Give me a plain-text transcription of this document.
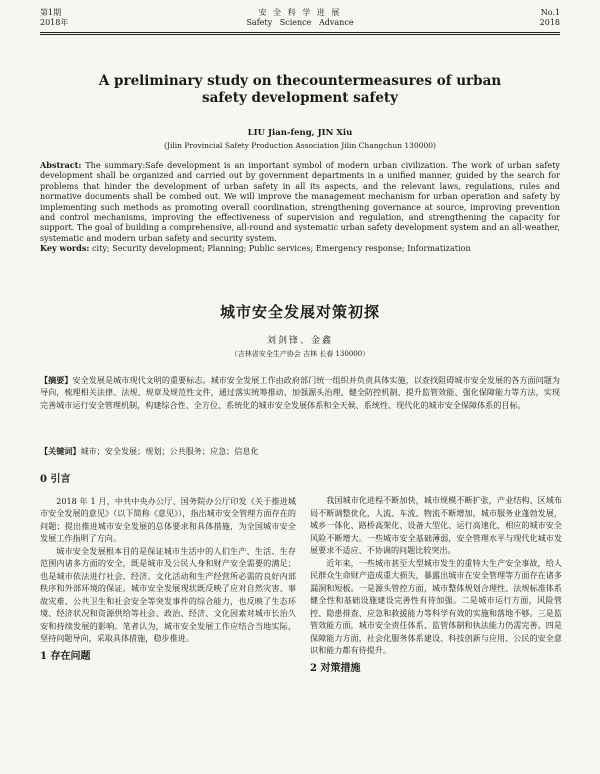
第1期
2018年
安 全 科 学 进 展
Safety   Science   Advance
No.1
2018
A preliminary study on thecountermeasures of urban
safety development safety
LIU Jian-feng, JIN Xiu
(Jilin Provincial Safety Production Association Jilin Changchun 130000)
Abstract: The summary:Safe development is an important symbol of modern urban civilization. The work of urban safety development shall be organized and carried out by government departments in a unified manner, guided by the search for problems that hinder the development of urban safety in all its aspects, and the relevant laws, regulations, rules and normative documents shall be combed out. We will improve the management mechanism for urban operation and safety by implementing such methods as promoting overall coordination, strengthening governance at source, improving prevention and control mechanisms, improving the effectiveness of supervision and regulation, and strengthening the capacity for support. The goal of building a comprehensive, all-round and systematic urban safety development system and an all-weather, systematic and modern urban safety and security system.
Key words: city; Security development; Planning; Public services; Emergency response; Informatization
城市安全发展对策初探
刘剑锋、金鑫
（吉林省安全生产协会 吉林 长春 130000）
【摘要】安全发展是城市现代文明的重要标志。城市安全发展工作由政府部门统一组织并负责具体实施，以查找阻碍城市安全发展的各方面问题为导向，梳理相关法律、法规、规章及规范性文件，通过落实统筹推动、加强源头治理、健全防控机制、提升监管效能、强化保障能力等方法，实现完善城市运行安全管理机制，构建综合性、全方位、系统化的城市安全发展体系和全天候、系统性、现代化的城市安全保障体系的目标。
【关键词】城市；安全发展；规划；公共服务；应急；信息化
0 引言

2018 年 1 月，中共中央办公厅、国务院办公厅印发《关于推进城市安全发展的意见》（以下简称《意见》），指出城市安全管理方面存在的问题；提出推进城市安全发展的总体要求和具体措施，为全国城市安全发展工作指明了方向。

城市安全发展根本目的是保证城市生活中的人们生产、生活、生存范围内诸多方面的安全，既是城市及公民人身和财产安全需要的满足；也是城市依法进行社会、经济、文化活动和生产经营所必需的良好内部秩序和外部环境的保证。城市安全发展现状既反映了应对自然灾害、事故灾难、公共卫生和社会安全等突发事件的综合能力，也反映了生态环境、经济状况和资源供给等社会、政治、经济、文化因素对城市长治久安和持续发展的影响。笔者认为，城市安全发展工作应结合当地实际，坚持问题导向，采取具体措施，稳步推进。

1 存在问题

我国城市化进程不断加快，城市规模不断扩张，产业结构、区域布局不断调整优化，人流、车流、物流不断增加，城市服务业蓬勃发展，城乡一体化、路桥高架化、设备大型化、运行高速化，相应的城市安全风险不断增大。一些城市安全基础薄弱，安全管理水平与现代化城市发展要求不适应、不协调的问题比较突出。

近年来，一些城市甚至大型城市发生的重特大生产安全事故，给人民群众生命财产造成重大损失，暴露出城市在安全管理等方面存在诸多漏洞和短板。一是源头管控方面，城市整体规划合理性、法规标准体系健全性和基础设施建设完善性有待加强。二是城市运行方面，风险管控、隐患排查、应急和救援能力等科学有效的实施和落地不够。三是监管效能方面，城市安全责任体系、监管体制和执法能力仍需完善。四是保障能力方面，社会化服务体系建设、科技创新与应用、公民的安全意识和能力都有待提升。

2 对策措施
